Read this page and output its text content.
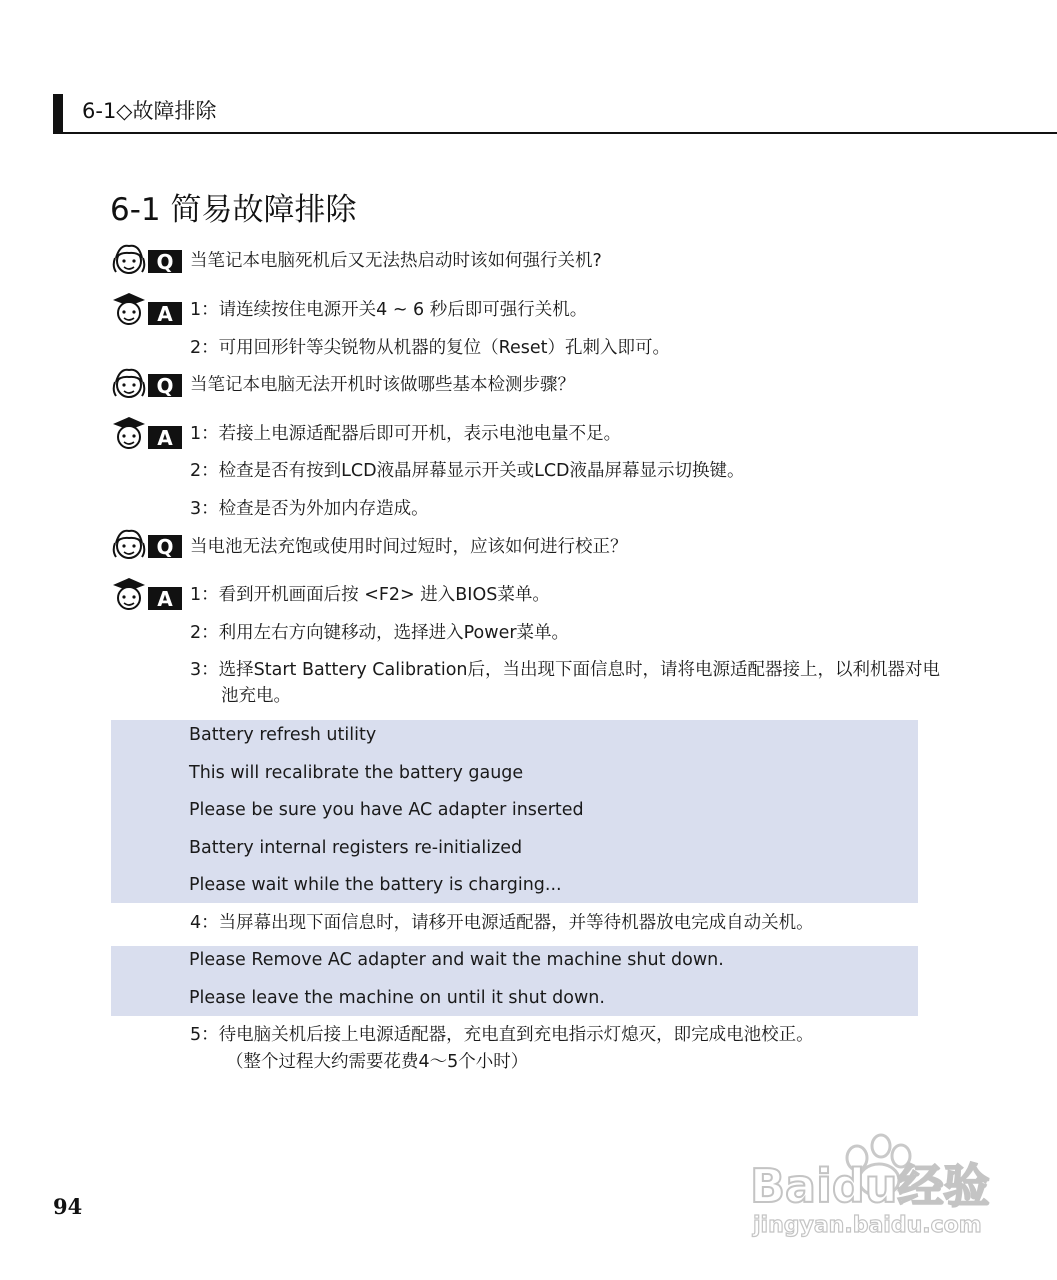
6-1◇故障排除
6-1 简易故障排除
Q 当笔记本电脑死机后又无法热启动时该如何强行关机?
A 1：请连续按住电源开关4 ~ 6 秒后即可强行关机。
2：可用回形针等尖锐物从机器的复位（Reset）孔刺入即可。
Q 当笔记本电脑无法开机时该做哪些基本检测步骤？
A 1：若接上电源适配器后即可开机，表示电池电量不足。
2：检查是否有按到LCD液晶屏幕显示开关或LCD液晶屏幕显示切换键。
3：检查是否为外加内存造成。
Q 当电池无法充饱或使用时间过短时，应该如何进行校正？
A 1：看到开机画面后按 <F2> 进入BIOS菜单。
2：利用左右方向键移动，选择进入Power菜单。
3：选择Start Battery Calibration后，当出现下面信息时，请将电源适配器接上，以利机器对电池充电。
Battery refresh utility
This will recalibrate the battery gauge
Please be sure you have AC adapter inserted
Battery internal registers re-initialized
Please wait while the battery is charging...
4：当屏幕出现下面信息时，请移开电源适配器，并等待机器放电完成自动关机。
Please Remove AC adapter and wait the machine shut down.
Please leave the machine on until it shut down.
5：待电脑关机后接上电源适配器，充电直到充电指示灯熄灭，即完成电池校正。
（整个过程大约需要花费4～5个小时）
94	Baidu经验
jingyan.baidu.com
